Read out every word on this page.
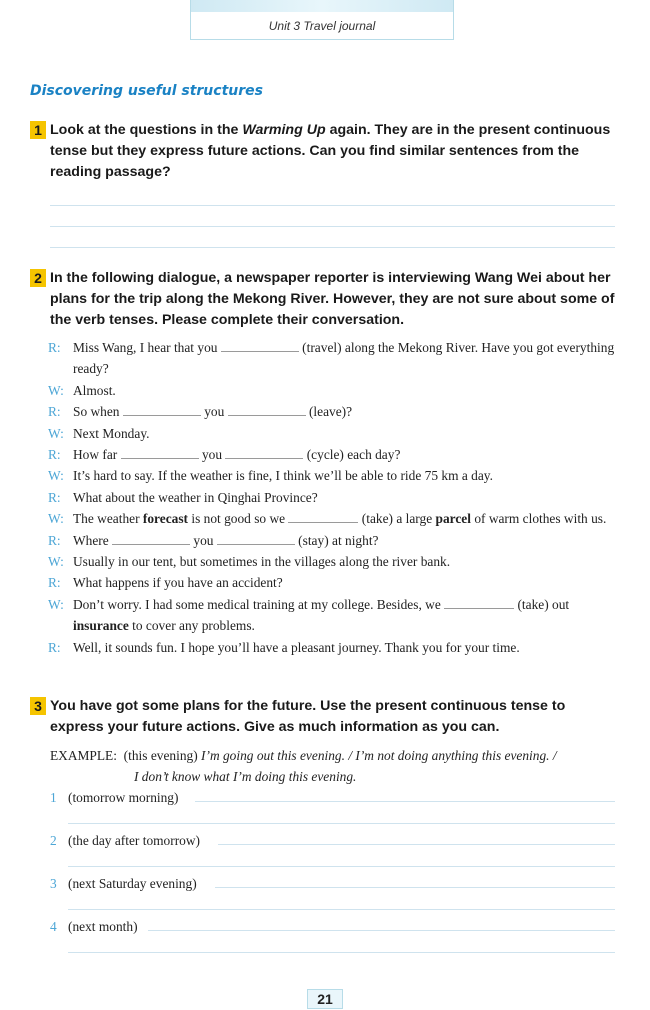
Unit 3 Travel journal
Discovering useful structures
1 Look at the questions in the Warming Up again. They are in the present continuous tense but they express future actions. Can you find similar sentences from the reading passage?
2 In the following dialogue, a newspaper reporter is interviewing Wang Wei about her plans for the trip along the Mekong River. However, they are not sure about some of the verb tenses. Please complete their conversation.
R: Miss Wang, I hear that you	(travel) along the Mekong River. Have you got everything ready?
W: Almost.
R: So when	you	(leave)?
W: Next Monday.
R: How far	you	(cycle) each day?
W: It’s hard to say. If the weather is fine, I think we’ll be able to ride 75 km a day.
R: What about the weather in Qinghai Province?
W: The weather forecast is not good so we	(take) a large parcel of warm clothes with us.
R: Where	you	(stay) at night?
W: Usually in our tent, but sometimes in the villages along the river bank.
R: What happens if you have an accident?
W: Don’t worry. I had some medical training at my college. Besides, we	(take) out insurance to cover any problems.
R: Well, it sounds fun. I hope you’ll have a pleasant journey. Thank you for your time.
3 You have got some plans for the future. Use the present continuous tense to express your future actions. Give as much information as you can.
EXAMPLE: (this evening) I’m going out this evening. / I’m not doing anything this evening. /
I don’t know what I’m doing this evening.
1 (tomorrow morning)
2 (the day after tomorrow)
3 (next Saturday evening)
4 (next month)
21
